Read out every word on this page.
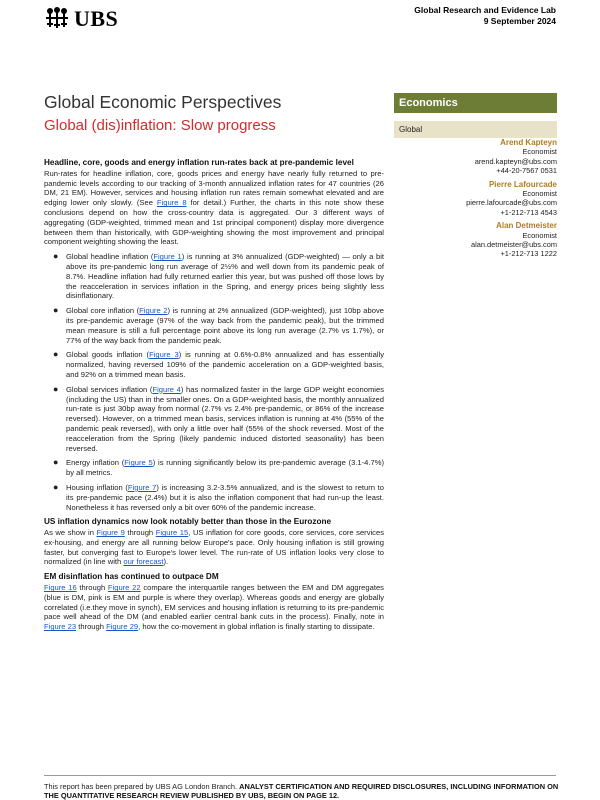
UBS	Global Research and Evidence Lab
9 September 2024
Global Economic Perspectives
Global (dis)inflation: Slow progress
Economics
Global
Arend Kapteyn
Economist
arend.kapteyn@ubs.com
+44-20-7567 0531
Pierre Lafourcade
Economist
pierre.lafourcade@ubs.com
+1-212-713 4543
Alan Detmeister
Economist
alan.detmeister@ubs.com
+1-212-713 1222
Headline, core, goods and energy inflation run-rates back at pre-pandemic level

Run-rates for headline inflation, core, goods prices and energy have nearly fully returned to pre-pandemic levels according to our tracking of 3-month annualized inflation rates for 47 countries (26 DM, 21 EM). However, services and housing inflation run rates remain somewhat elevated and are edging lower only slowly. (See Figure 8 for detail.) Further, the charts in this note show these conclusions depend on how the cross-country data is aggregated. Our 3 different ways of aggregating (GDP-weighted, trimmed mean and 1st principal component) display more divergence between them than historically, with GDP-weighting showing the most improvement and principal component weighting showing the least.

● Global headline inflation (Figure 1) is running at 3% annualized (GDP-weighted) — only a bit above its pre-pandemic long run average of 2½% and well down from its pandemic peak of 8.7%. Headline inflation had fully returned earlier this year, but was pushed off those lows by the reacceleration in services inflation in the Spring, and energy prices being slightly less disinflationary.
● Global core inflation (Figure 2) is running at 2% annualized (GDP-weighted), just 10bp above its pre-pandemic average (97% of the way back from the pandemic peak), but the trimmed mean measure is still a full percentage point above its long run average (2.7% vs 1.7%), or 77% of the way back from the pandemic peak.
● Global goods inflation (Figure 3) is running at 0.6%-0.8% annualized and has essentially normalized, having reversed 109% of the pandemic acceleration on a GDP-weighted basis, and 92% on a trimmed mean basis.
● Global services inflation (Figure 4) has normalized faster in the large GDP weight economies (including the US) than in the smaller ones. On a GDP-weighted basis, the monthly annualized run-rate is just 30bp away from normal (2.7% vs 2.4% pre-pandemic, or 86% of the increase reversed). However, on a trimmed mean basis, services inflation is running at 4% (55% of the pandemic peak reversed), with only a little over half (55% of the shock reversed. Most of the reacceleration from the Spring (likely pandemic induced distorted seasonality) has been reversed.
● Energy inflation (Figure 5) is running significantly below its pre-pandemic average (3.1-4.7%) by all metrics.
● Housing inflation (Figure 7) is increasing 3.2-3.5% annualized, and is the slowest to return to its pre-pandemic pace (2.4%) but it is also the inflation component that had run-up the least. Nonetheless it has reversed only a bit over 60% of the pandemic increase.
US inflation dynamics now look notably better than those in the Eurozone

As we show in Figure 9 through Figure 15, US inflation for core goods, core services, core services ex-housing, and energy are all running below Europe's pace. Only housing inflation is still growing faster, but converging fast to Europe's lower level. The run-rate of US inflation looks very close to normalized (in line with our forecast).

EM disinflation has continued to outpace DM

Figure 16 through Figure 22 compare the interquartile ranges between the EM and DM aggregates (blue is DM, pink is EM and purple is where they overlap). Whereas goods and energy are globally correlated (i.e.they move in synch), EM services and housing inflation is returning to its pre-pandemic pace well ahead of the DM (and enabled earlier central bank cuts in the process). Finally, note in Figure 23 through Figure 29, how the co-movement in global inflation is finally starting to dissipate.

This report has been prepared by UBS AG London Branch. ANALYST CERTIFICATION AND REQUIRED DISCLOSURES, INCLUDING INFORMATION ON THE QUANTITATIVE RESEARCH REVIEW PUBLISHED BY UBS, BEGIN ON PAGE 12.
